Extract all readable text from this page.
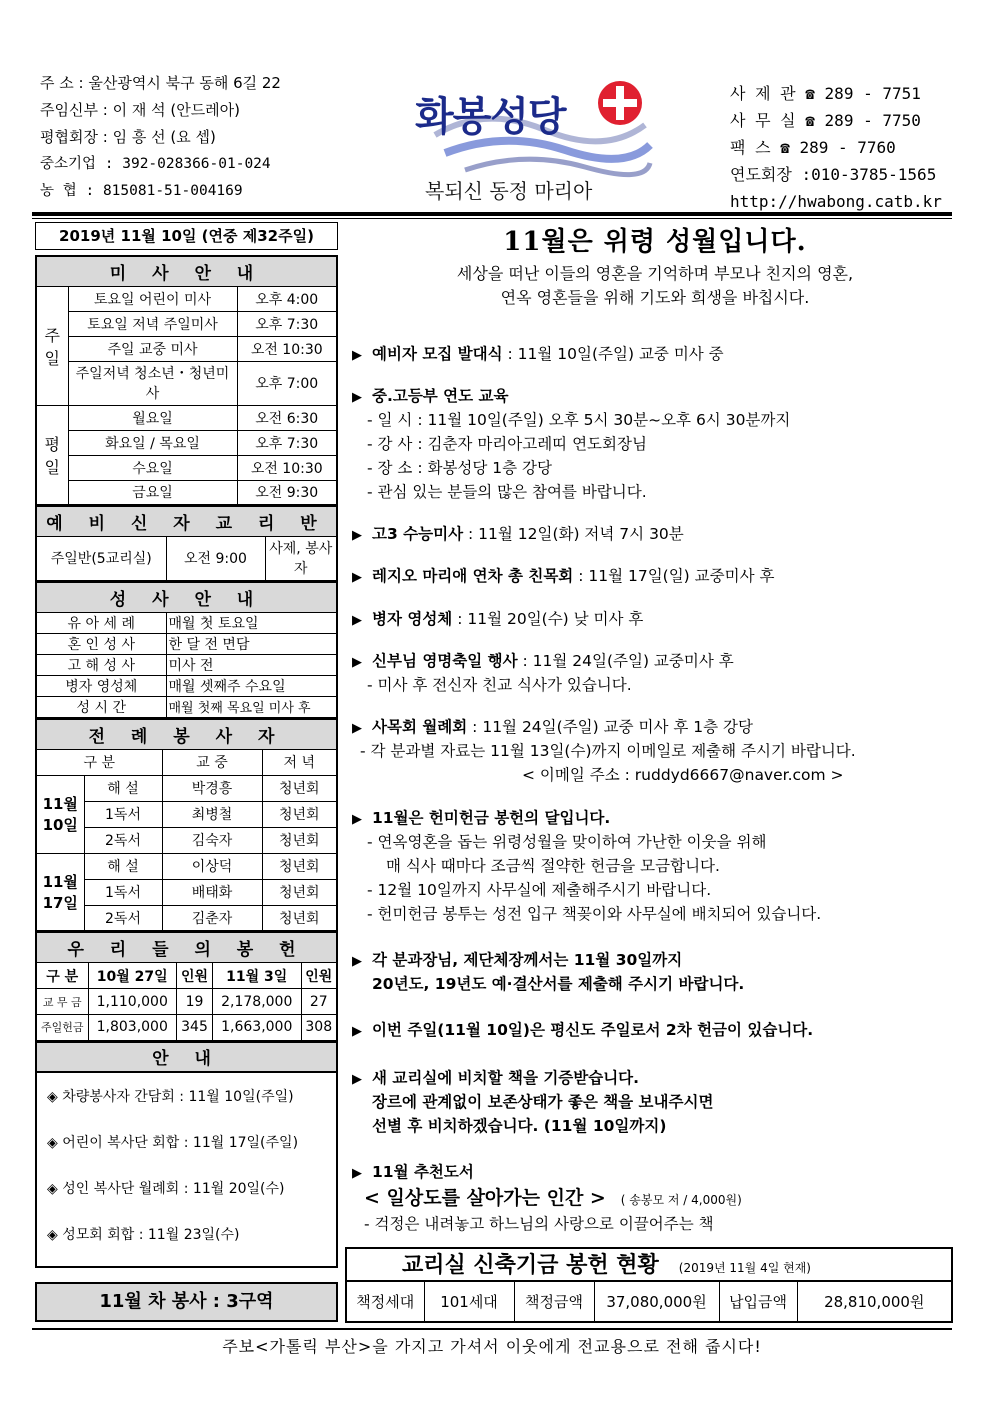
주 소 : 울산광역시 북구 동해 6길 22
주임신부 : 이 재 석 (안드레아)
평협회장 : 임 흥 선 (요 셉)
중소기업 : 392-028366-01-024
농 협 : 815081-51-004169
화봉성당
복되신 동정 마리아
사 제 관 ☎ 289 - 7751
사 무 실 ☎ 289 - 7750
팩 스 ☎ 289 - 7760
연도회장 :010-3785-1565
http://hwabong.catb.kr
2019년 11월 10일 (연중 제32주일)
미 사 안 내		
주 일	토요일 어린이 미사	오후 4:00
	토요일 저녁 주일미사	오후 7:30
	주일 교중 미사	오전 10:30
	주일저녁 청소년・청년미사	오후 7:00
평 일	월요일	오전 6:30
	화요일 / 목요일	오후 7:30
	수요일	오전 10:30
	금요일	오전 9:30
예 비 신 자 교 리 반
주일반(5교리실)	오전 9:00	사제, 봉사자
성 사 안 내	
유 아 세 례	매월 첫 토요일
혼 인 성 사	한 달 전 면담
고 해 성 사	미사 전
병자 영성체	매월 셋째주 수요일
성 시 간	매월 첫째 목요일 미사 후
전 례 봉 사 자			
구 분		교 중	저 녁
11월 10일	해 설	박경흥	청년회
	1독서	최병철	청년회
	2독서	김숙자	청년회
11월 17일	해 설	이상덕	청년회
	1독서	배태화	청년회
	2독서	김춘자	청년회
우 리 들 의 봉 헌				
구 분	10월 27일	인원	11월 3일	인원
교 무 금	1,110,000	19	2,178,000	27
주일헌금	1,803,000	345	1,663,000	308
안 내
◈ 차량봉사자 간담회 : 11월 10일(주일)
◈ 어린이 복사단 회합 : 11월 17일(주일)
◈ 성인 복사단 월례회 : 11월 20일(수)
◈ 성모회 회합 : 11월 23일(수)
11월 차 봉사 : 3구역
11월은 위령 성월입니다.
세상을 떠난 이들의 영혼을 기억하며 부모나 친지의 영혼,
연옥 영혼들을 위해 기도와 희생을 바칩시다.
▶ 예비자 모집 발대식 : 11월 10일(주일) 교중 미사 중
▶ 중.고등부 연도 교육
- 일 시 : 11월 10일(주일) 오후 5시 30분~오후 6시 30분까지
- 강 사 : 김춘자 마리아고레띠 연도회장님
- 장 소 : 화봉성당 1층 강당
- 관심 있는 분들의 많은 참여를 바랍니다.
▶ 고3 수능미사 : 11월 12일(화) 저녁 7시 30분
▶ 레지오 마리애 연차 총 친목회 : 11월 17일(일) 교중미사 후
▶ 병자 영성체 : 11월 20일(수) 낮 미사 후
▶ 신부님 영명축일 행사 : 11월 24일(주일) 교중미사 후
- 미사 후 전신자 친교 식사가 있습니다.
▶ 사목회 월례회 : 11월 24일(주일) 교중 미사 후 1층 강당
- 각 분과별 자료는 11월 13일(수)까지 이메일로 제출해 주시기 바랍니다.
< 이메일 주소 : ruddyd6667@naver.com >
▶ 11월은 헌미헌금 봉헌의 달입니다.
- 연옥영혼을 돕는 위령성월을 맞이하여 가난한 이웃을 위해
매 식사 때마다 조금씩 절약한 헌금을 모금합니다.
- 12월 10일까지 사무실에 제출해주시기 바랍니다.
- 헌미헌금 봉투는 성전 입구 책꽂이와 사무실에 배치되어 있습니다.
▶ 각 분과장님, 제단체장께서는 11월 30일까지
20년도, 19년도 예·결산서를 제출해 주시기 바랍니다.
▶ 이번 주일(11월 10일)은 평신도 주일로서 2차 헌금이 있습니다.
▶ 새 교리실에 비치할 책을 기증받습니다.
장르에 관계없이 보존상태가 좋은 책을 보내주시면
선별 후 비치하겠습니다. (11월 10일까지)
▶ 11월 추천도서
< 일상도를 살아가는 인간 > ( 송봉모 저 / 4,000원)
- 걱정은 내려놓고 하느님의 사랑으로 이끌어주는 책
교리실 신축기금 봉헌 현황 (2019년 11월 4일 현재)
책정세대	101세대	책정금액	37,080,000원	납입금액	28,810,000원
주보<가톨릭 부산>을 가지고 가셔서 이웃에게 전교용으로 전해 줍시다!
